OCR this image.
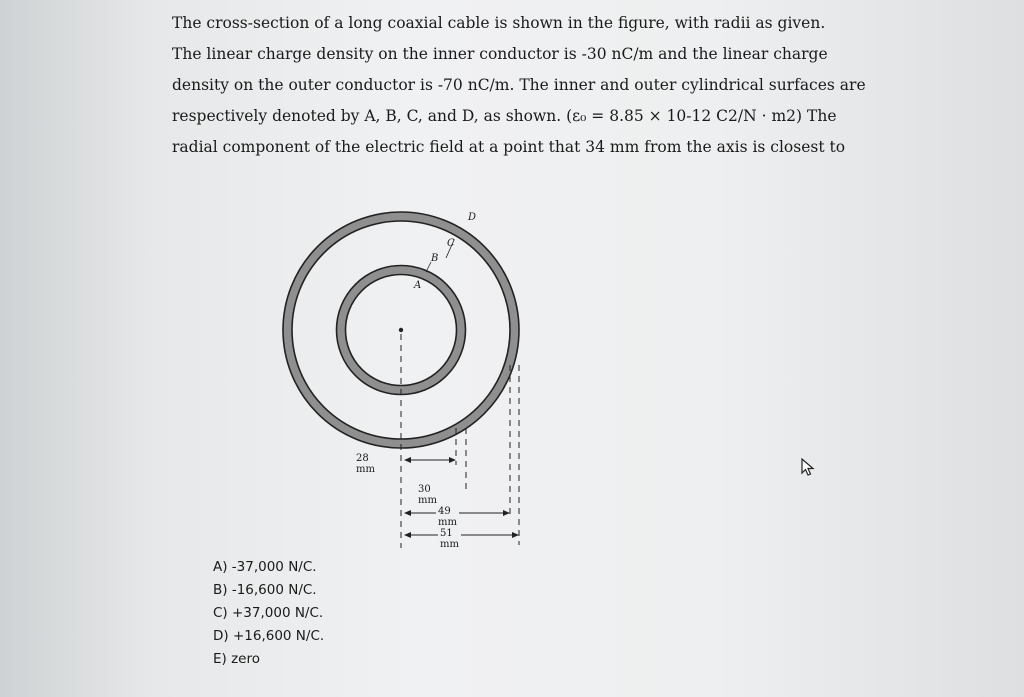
The cross-section of a long coaxial cable is shown in the figure, with radii as given.
The linear charge density on the inner conductor is -30 nC/m and the linear charge
density on the outer conductor is -70 nC/m. The inner and outer cylindrical surfaces are
respectively denoted by A, B, C, and D, as shown. (ε₀ = 8.85 × 10-12 C2/N · m2) The
radial component of the electric field at a point that 34 mm from the axis is closest to
D
C
B
A
28 mm
30 mm
49 mm
51 mm
A) -37,000 N/C.
B) -16,600 N/C.
C) +37,000 N/C.
D) +16,600 N/C.
E) zero
